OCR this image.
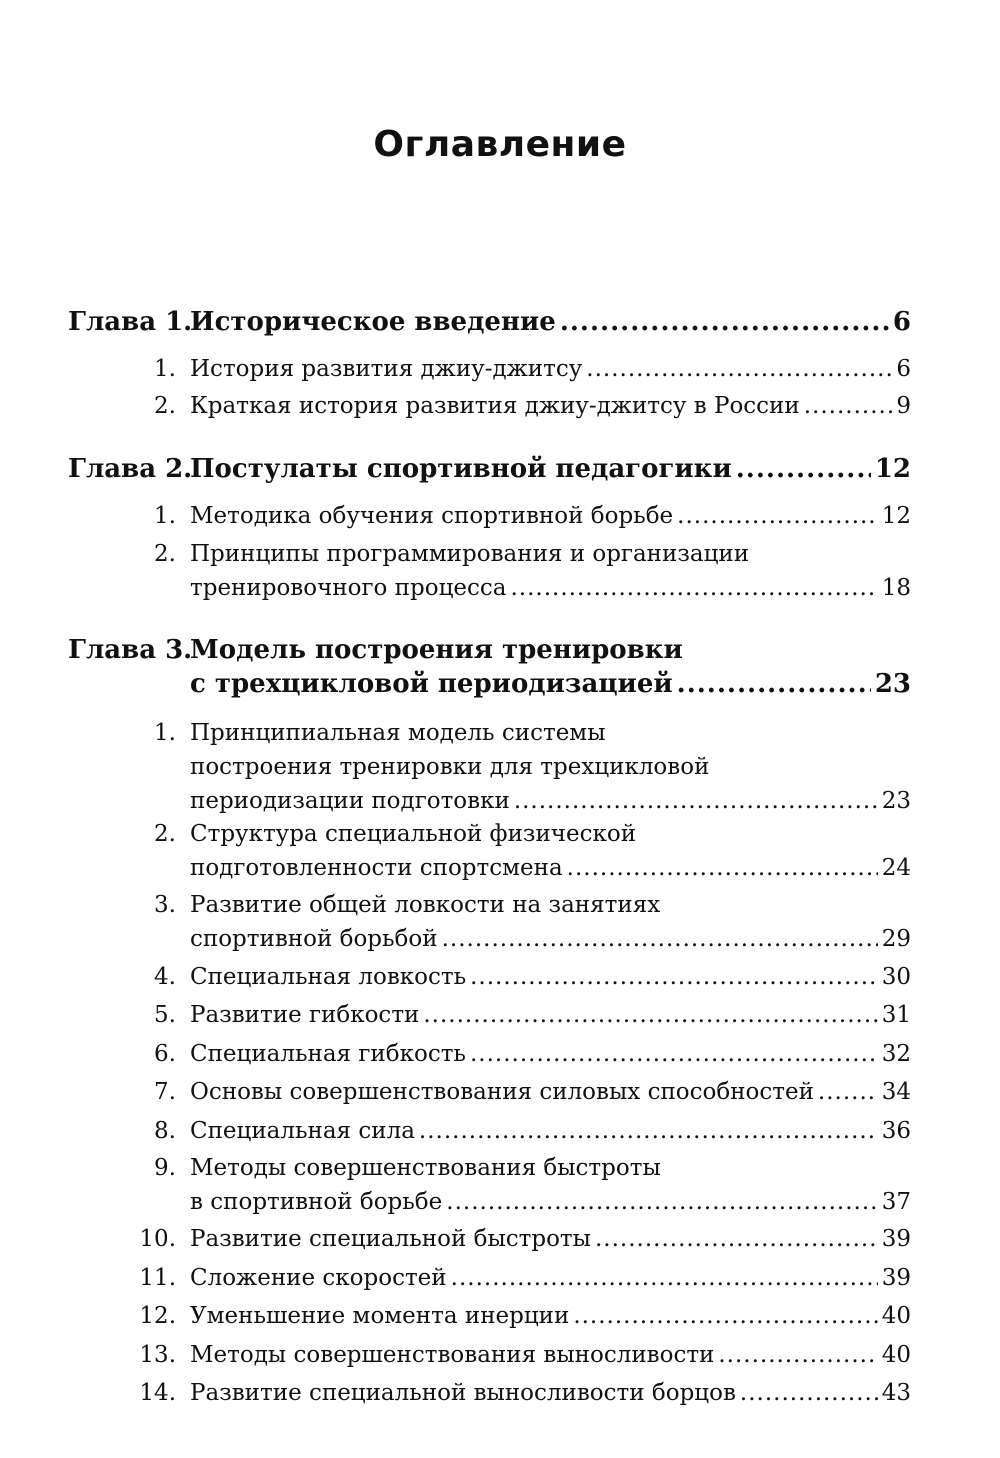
Оглавление
Глава 1.
Историческое введение .....	6
1. История развития джиу-джитсу .....	6
2. Краткая история развития джиу-джитсу в России .....	9
Глава 2.
Постулаты спортивной педагогики .....	12
1. Методика обучения спортивной борьбе .....	12
2. Принципы программирования и организации
тренировочного процесса .....	18
Глава 3.
Модель построения тренировки
с трехцикловой периодизацией .....	23
1. Принципиальная модель системы
построения тренировки для трехцикловой
периодизации подготовки .....	23
2. Структура специальной физической
подготовленности спортсмена .....	24
3. Развитие общей ловкости на занятиях
спортивной борьбой .....	29
4. Специальная ловкость .....	30
5. Развитие гибкости .....	31
6. Специальная гибкость .....	32
7. Основы совершенствования силовых способностей .....	34
8. Специальная сила .....	36
9. Методы совершенствования быстроты
в спортивной борьбе .....	37
10. Развитие специальной быстроты .....	39
11. Сложение скоростей .....	39
12. Уменьшение момента инерции .....	40
13. Методы совершенствования выносливости .....	40
14. Развитие специальной выносливости борцов .....	43
